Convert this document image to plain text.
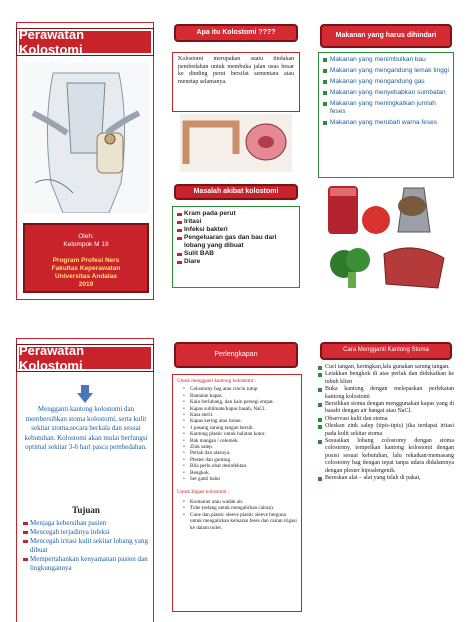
Perawatan Kolostomi
Oleh:
Kelompok M 19
Program Profesi Ners
Fakultas Keperawatan
Universitas Andalas
2019
Apa itu Kolostomi ????
Kolostomi merupakan suatu tindakan pembedahan untuk membuka jalan usus besar ke dinding perut bersifat sementara atau menetap selamanya.
Masalah akibat kolostomi
Kram pada perut
Iritasi
Infeksi bakteri
Pengeluaran gas dan bau dari lobang yang dibuat
Sulit BAB
Diare
Makanan yang harus dihindari
Makanan yang menimbulkan bau
Makanan yang mengandung lemak tinggi
Makanan yang mengandung gas
Makanan yang menyebabkan sumbatan
Makanan yang meningkatkan jumlah feses
Makanan yang merubah warna feses
Perawatan Kolostomi
Mengganti kantong kolostomi dan membersihkan stoma kolostomi, serta kulit sekitar stoma,secara berkala dan sesuai kebutuhan. Kolostomi akan mulai berfungsi optimal sekitar 3-6 hari pasca pembedahan.
Tujuan
Menjaga kebersihan pasien
Mencegah terjadinya infeksi
Mencegah iritasi kulit sekitar lobang yang dibuat
Mempertahankan kenyamanan pasien dan lingkungannya
Perlengkapan
Untuk mengganti kantong kolostomi :
• Colostomy bag atau cincin tutup
• Bantalan kapas.
• Kain berlubang, dan kain persegi empat.
• Kapas sublimate/kapas basah, NaCl.
• Kasa steril.
• Kapas kering atau tissue.
• 1 pasang sarung tangan bersih.
• Kantong plastic untuk balutan kotor.
• Bak mangan / celemek.
• Zink salep.
• Perlak dan alasnya.
• Plester dan gunting.
• Bila perlu obat desinfektan.
• Bengkok.
• Set ganti balut
Untuk Irigasi kolostomi :
• Kontainer atau wadah air.
• Tube (selang untuk mengalirkan cairan).
• Cone dan plastic sleeve plastic sleeve berguna untuk mengalirkan keluaran feses dan cairan irigasi ke dalam toilet.
Cara Mengganti Kantong Stoma
Cuci tangan, keringkan,lalu gunakan sarung tangan.
Letakkan bengkok di atas perlak dan didekatkan ke tubuh klien
Buka kantong dengan melepaskan perlekatan kantong kolostomi
Bersihkan stoma dengan menggunakan kapas yang di basahi dengan air hangat atau NaCl.
Observasi kulit dan stoma
Oleskan zink salep (tipis-tipis) jika terdapat iritasi pada kulit sekitar stoma
Sesuaikan lobang colostomy dengan stoma colostomy, tempelkan kantong kolostomi dengan posisi sesuai kebutuhan, lalu rekatkan/memasang colostomy bag dengan tepat tanpa udara didalamnya dengan plester hipoalergenik.
Bereskan alat – alat yang telah di pakai,
